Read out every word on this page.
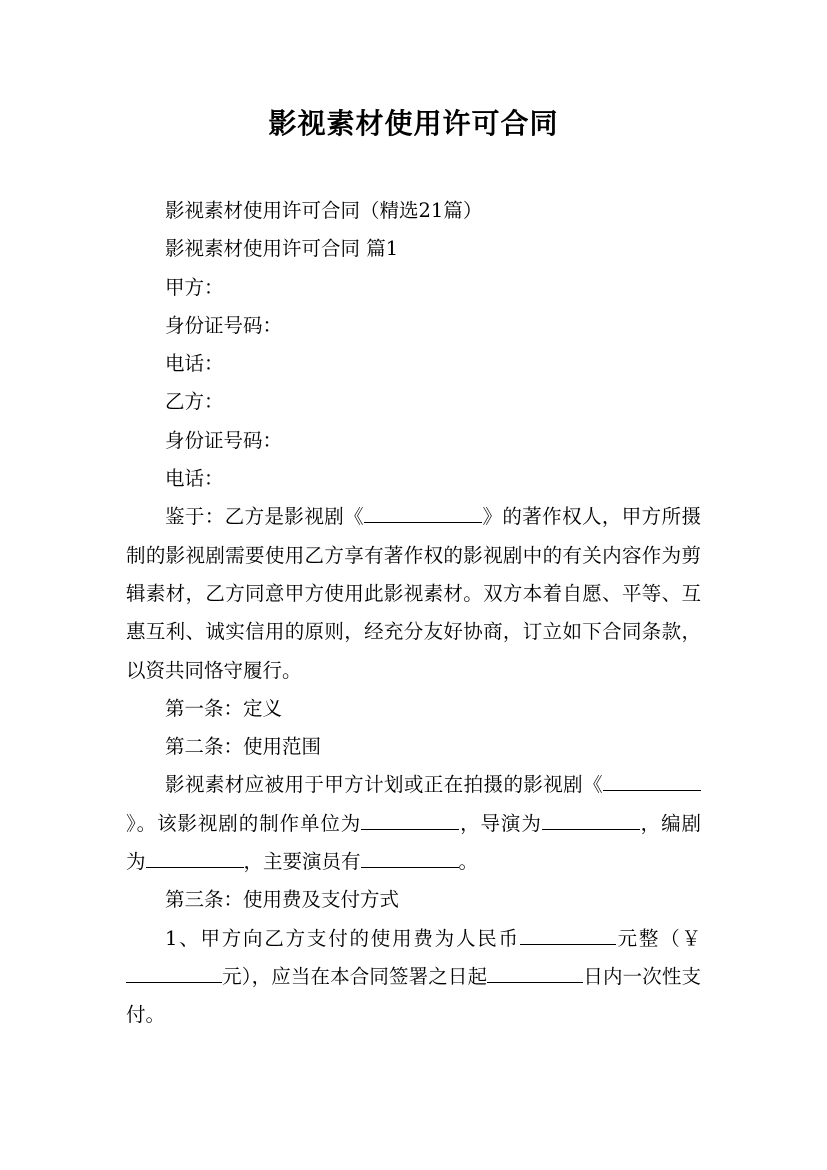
影视素材使用许可合同

影视素材使用许可合同（精选21篇）

影视素材使用许可合同 篇1

甲方：

身份证号码：

电话：

乙方：

身份证号码：

电话：

鉴于：乙方是影视剧《	》的著作权人，甲方所摄制的影视剧需要使用乙方享有著作权的影视剧中的有关内容作为剪辑素材，乙方同意甲方使用此影视素材。双方本着自愿、平等、互惠互利、诚实信用的原则，经充分友好协商，订立如下合同条款，以资共同恪守履行。

第一条：定义

第二条：使用范围

影视素材应被用于甲方计划或正在拍摄的影视剧《》。该影视剧的制作单位为	，导演为	，编剧为	，主要演员有	。

第三条：使用费及支付方式

1、甲方向乙方支付的使用费为人民币	元整（￥元），应当在本合同签署之日起	日内一次性支付。
